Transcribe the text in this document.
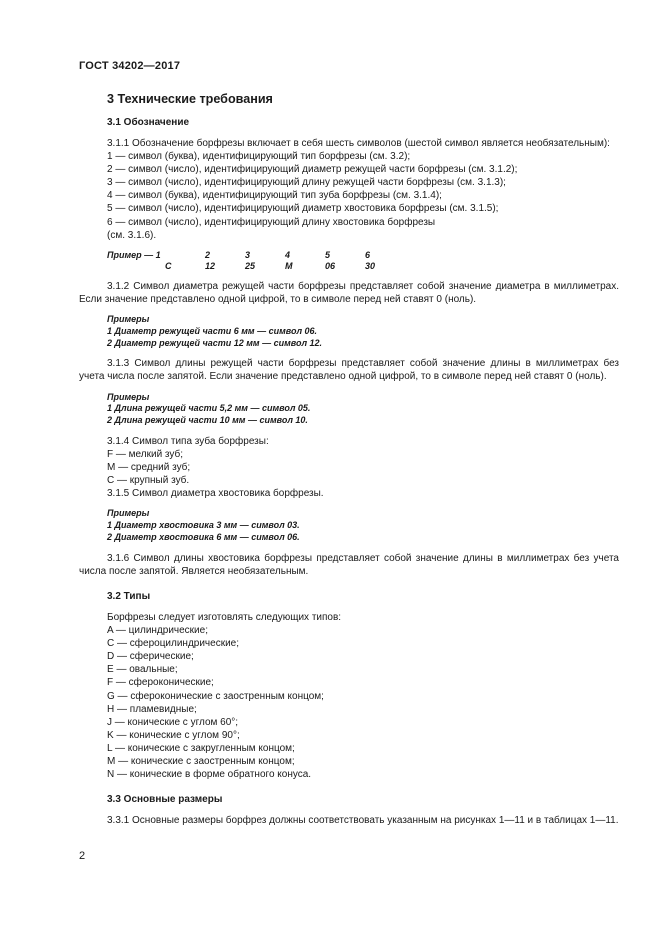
ГОСТ 34202—2017
3 Технические требования
3.1 Обозначение

3.1.1 Обозначение борфрезы включает в себя шесть символов (шестой символ является необязательным):

1 — символ (буква), идентифицирующий тип борфрезы (см. 3.2);

2 — символ (число), идентифицирующий диаметр режущей части борфрезы (см. 3.1.2);

3 — символ (число), идентифицирующий длину режущей части борфрезы (см. 3.1.3);

4 — символ (буква), идентифицирующий тип зуба борфрезы (см. 3.1.4);

5 — символ (число), идентифицирующий диаметр хвостовика борфрезы (см. 3.1.5);

6 — символ (число), идентифицирующий длину хвостовика борфрезы

(см. 3.1.6).

Пример — 1	2	3	4	5	6
C	12	25	M	06	30

3.1.2 Символ диаметра режущей части борфрезы представляет собой значение диаметра в миллиметрах. Если значение представлено одной цифрой, то в символе перед ней ставят 0 (ноль).

Примеры

1 Диаметр режущей части 6 мм — символ 06.

2 Диаметр режущей части 12 мм — символ 12.

3.1.3 Символ длины режущей части борфрезы представляет собой значение длины в миллиметрах без учета числа после запятой. Если значение представлено одной цифрой, то в символе перед ней ставят 0 (ноль).

Примеры

1 Длина режущей части 5,2 мм — символ 05.

2 Длина режущей части 10 мм — символ 10.

3.1.4 Символ типа зуба борфрезы:

F — мелкий зуб;

M — средний зуб;

C — крупный зуб.

3.1.5 Символ диаметра хвостовика борфрезы.

Примеры

1 Диаметр хвостовика 3 мм — символ 03.

2 Диаметр хвостовика 6 мм — символ 06.

3.1.6 Символ длины хвостовика борфрезы представляет собой значение длины в миллиметрах без учета числа после запятой. Является необязательным.

3.2 Типы

Борфрезы следует изготовлять следующих типов:

A — цилиндрические;

C — сфероцилиндрические;

D — сферические;

E — овальные;

F — сфероконические;

G — сфероконические с заостренным концом;

H — пламевидные;

J — конические с углом 60°;

K — конические с углом 90°;

L — конические с закругленным концом;

M — конические с заостренным концом;

N — конические в форме обратного конуса.

3.3 Основные размеры

3.3.1 Основные размеры борфрез должны соответствовать указанным на рисунках 1—11 и в таблицах 1—11.

2
